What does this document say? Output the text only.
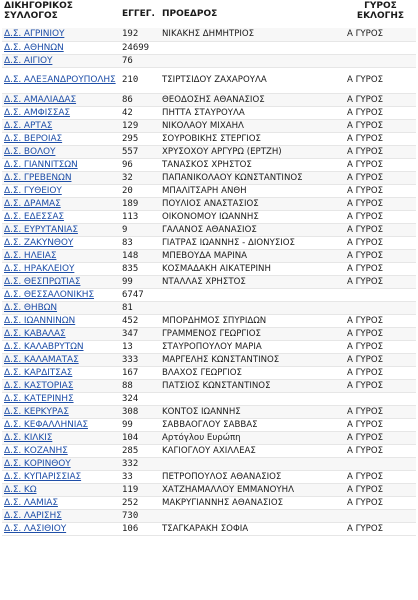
ΔΙΚΗΓΟΡΙΚΟΣ ΣΥΛΛΟΓΟΣ	ΕΓΓΕΓ.	ΠΡΟΕΔΡΟΣ	ΓΥΡΟΣ ΕΚΛΟΓΗΣ
Δ.Σ. ΑΓΡΙΝΙΟΥ	192	ΝΙΚΑΚΗΣ ΔΗΜΗΤΡΙΟΣ	Α ΓΥΡΟΣ
Δ.Σ. ΑΘΗΝΩΝ	24699		
Δ.Σ. ΑΙΓΙΟΥ	76		
Δ.Σ. ΑΛΕΞΑΝΔΡΟΥΠΟΛΗΣ	210	ΤΣΙΡΤΣΙΔΟΥ ΖΑΧΑΡΟΥΛΑ	Α ΓΥΡΟΣ
Δ.Σ. ΑΜΑΛΙΑΔΑΣ	86	ΘΕΟΔΟΣΗΣ ΑΘΑΝΑΣΙΟΣ	Α ΓΥΡΟΣ
Δ.Σ. ΑΜΦΙΣΣΑΣ	42	ΠΗΤΤΑ ΣΤΑΥΡΟΥΛΑ	Α ΓΥΡΟΣ
Δ.Σ. ΑΡΤΑΣ	129	ΝΙΚΟΛΑΟΥ ΜΙΧΑΗΛ	Α ΓΥΡΟΣ
Δ.Σ. ΒΕΡΟΙΑΣ	295	ΣΟΥΡΟΒΙΚΗΣ ΣΤΕΡΓΙΟΣ	Α ΓΥΡΟΣ
Δ.Σ. ΒΟΛΟΥ	557	ΧΡΥΣΟΧΟΥ ΑΡΓΥΡΩ (ΕΡΤΖΗ)	Α ΓΥΡΟΣ
Δ.Σ. ΓΙΑΝΝΙΤΣΩΝ	96	ΤΑΝΑΣΚΟΣ ΧΡΗΣΤΟΣ	Α ΓΥΡΟΣ
Δ.Σ. ΓΡΕΒΕΝΩΝ	32	ΠΑΠΑΝΙΚΟΛΑΟΥ ΚΩΝΣΤΑΝΤΙΝΟΣ	Α ΓΥΡΟΣ
Δ.Σ. ΓΥΘΕΙΟΥ	20	ΜΠΑΛΙΤΣΑΡΗ ΑΝΘΗ	Α ΓΥΡΟΣ
Δ.Σ. ΔΡΑΜΑΣ	189	ΠΟΥΛΙΟΣ ΑΝΑΣΤΑΣΙΟΣ	Α ΓΥΡΟΣ
Δ.Σ. ΕΔΕΣΣΑΣ	113	ΟΙΚΟΝΟΜΟΥ ΙΩΑΝΝΗΣ	Α ΓΥΡΟΣ
Δ.Σ. ΕΥΡΥΤΑΝΙΑΣ	9	ΓΑΛΑΝΟΣ ΑΘΑΝΑΣΙΟΣ	Α ΓΥΡΟΣ
Δ.Σ. ΖΑΚΥΝΘΟΥ	83	ΓΙΑΤΡΑΣ ΙΩΑΝΝΗΣ - ΔΙΟΝΥΣΙΟΣ	Α ΓΥΡΟΣ
Δ.Σ. ΗΛΕΙΑΣ	148	ΜΠΕΒΟΥΔΑ ΜΑΡΙΝΑ	Α ΓΥΡΟΣ
Δ.Σ. ΗΡΑΚΛΕΙΟΥ	835	ΚΟΣΜΑΔΑΚΗ ΑΙΚΑΤΕΡΙΝΗ	Α ΓΥΡΟΣ
Δ.Σ. ΘΕΣΠΡΩΤΙΑΣ	99	ΝΤΑΛΛΑΣ ΧΡΗΣΤΟΣ	Α ΓΥΡΟΣ
Δ.Σ. ΘΕΣΣΑΛΟΝΙΚΗΣ	6747		
Δ.Σ. ΘΗΒΩΝ	81		
Δ.Σ. ΙΩΑΝΝΙΝΩΝ	452	ΜΠΟΡΔΗΜΟΣ ΣΠΥΡΙΔΩΝ	Α ΓΥΡΟΣ
Δ.Σ. ΚΑΒΑΛΑΣ	347	ΓΡΑΜΜΕΝΟΣ ΓΕΩΡΓΙΟΣ	Α ΓΥΡΟΣ
Δ.Σ. ΚΑΛΑΒΡΥΤΩΝ	13	ΣΤΑΥΡΟΠΟΥΛΟΥ ΜΑΡΙΑ	Α ΓΥΡΟΣ
Δ.Σ. ΚΑΛΑΜΑΤΑΣ	333	ΜΑΡΓΕΛΗΣ ΚΩΝΣΤΑΝΤΙΝΟΣ	Α ΓΥΡΟΣ
Δ.Σ. ΚΑΡΔΙΤΣΑΣ	167	ΒΛΑΧΟΣ ΓΕΩΡΓΙΟΣ	Α ΓΥΡΟΣ
Δ.Σ. ΚΑΣΤΟΡΙΑΣ	88	ΠΑΤΣΙΟΣ ΚΩΝΣΤΑΝΤΙΝΟΣ	Α ΓΥΡΟΣ
Δ.Σ. ΚΑΤΕΡΙΝΗΣ	324		
Δ.Σ. ΚΕΡΚΥΡΑΣ	308	ΚΟΝΤΟΣ ΙΩΑΝΝΗΣ	Α ΓΥΡΟΣ
Δ.Σ. ΚΕΦΑΛΛΗΝΙΑΣ	99	ΣΑΒΒΑΟΓΛΟΥ ΣΑΒΒΑΣ	Α ΓΥΡΟΣ
Δ.Σ. ΚΙΛΚΙΣ	104	Αρτόγλου Ευρώπη	Α ΓΥΡΟΣ
Δ.Σ. ΚΟΖΑΝΗΣ	285	ΚΑΓΙΟΓΛΟΥ ΑΧΙΛΛΕΑΣ	Α ΓΥΡΟΣ
Δ.Σ. ΚΟΡΙΝΘΟΥ	332		
Δ.Σ. ΚΥΠΑΡΙΣΣΙΑΣ	33	ΠΕΤΡΟΠΟΥΛΟΣ ΑΘΑΝΑΣΙΟΣ	Α ΓΥΡΟΣ
Δ.Σ. ΚΩ	119	ΧΑΤΖΗΑΜΑΛΛΟΥ ΕΜΜΑΝΟΥΗΛ	Α ΓΥΡΟΣ
Δ.Σ. ΛΑΜΙΑΣ	252	ΜΑΚΡΥΓΙΑΝΝΗΣ ΑΘΑΝΑΣΙΟΣ	Α ΓΥΡΟΣ
Δ.Σ. ΛΑΡΙΣΗΣ	730		
Δ.Σ. ΛΑΣΙΘΙΟΥ	106	ΤΣΑΓΚΑΡΑΚΗ ΣΟΦΙΑ	Α ΓΥΡΟΣ
